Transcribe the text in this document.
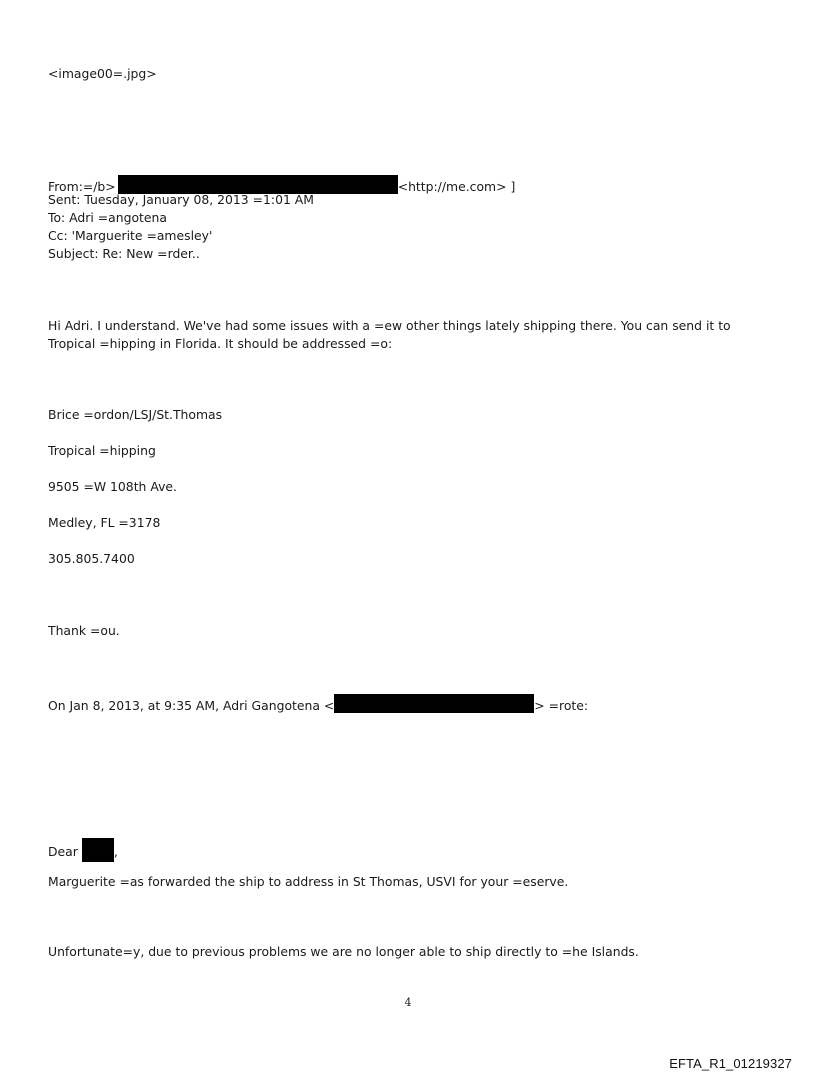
<image00=.jpg>
From:=/b>	<http://me.com> ]
Sent: Tuesday, January 08, 2013 =1:01 AM
To: Adri =angotena
Cc: 'Marguerite =amesley'
Subject: Re: New =rder..
Hi Adri. I understand. We've had some issues with a =ew other things lately shipping there. You can send it to Tropical =hipping in Florida. It should be addressed =o:
Brice =ordon/LSJ/St.Thomas
Tropical =hipping
9505 =W 108th Ave.
Medley, FL =3178
305.805.7400
Thank =ou.
On Jan 8, 2013, at 9:35 AM, Adri Gangotena <	> =rote:
Dear	,
Marguerite =as forwarded the ship to address in St Thomas, USVI for your =eserve.
Unfortunate=y, due to previous problems we are no longer able to ship directly to =he Islands.
4
EFTA_R1_01219327
